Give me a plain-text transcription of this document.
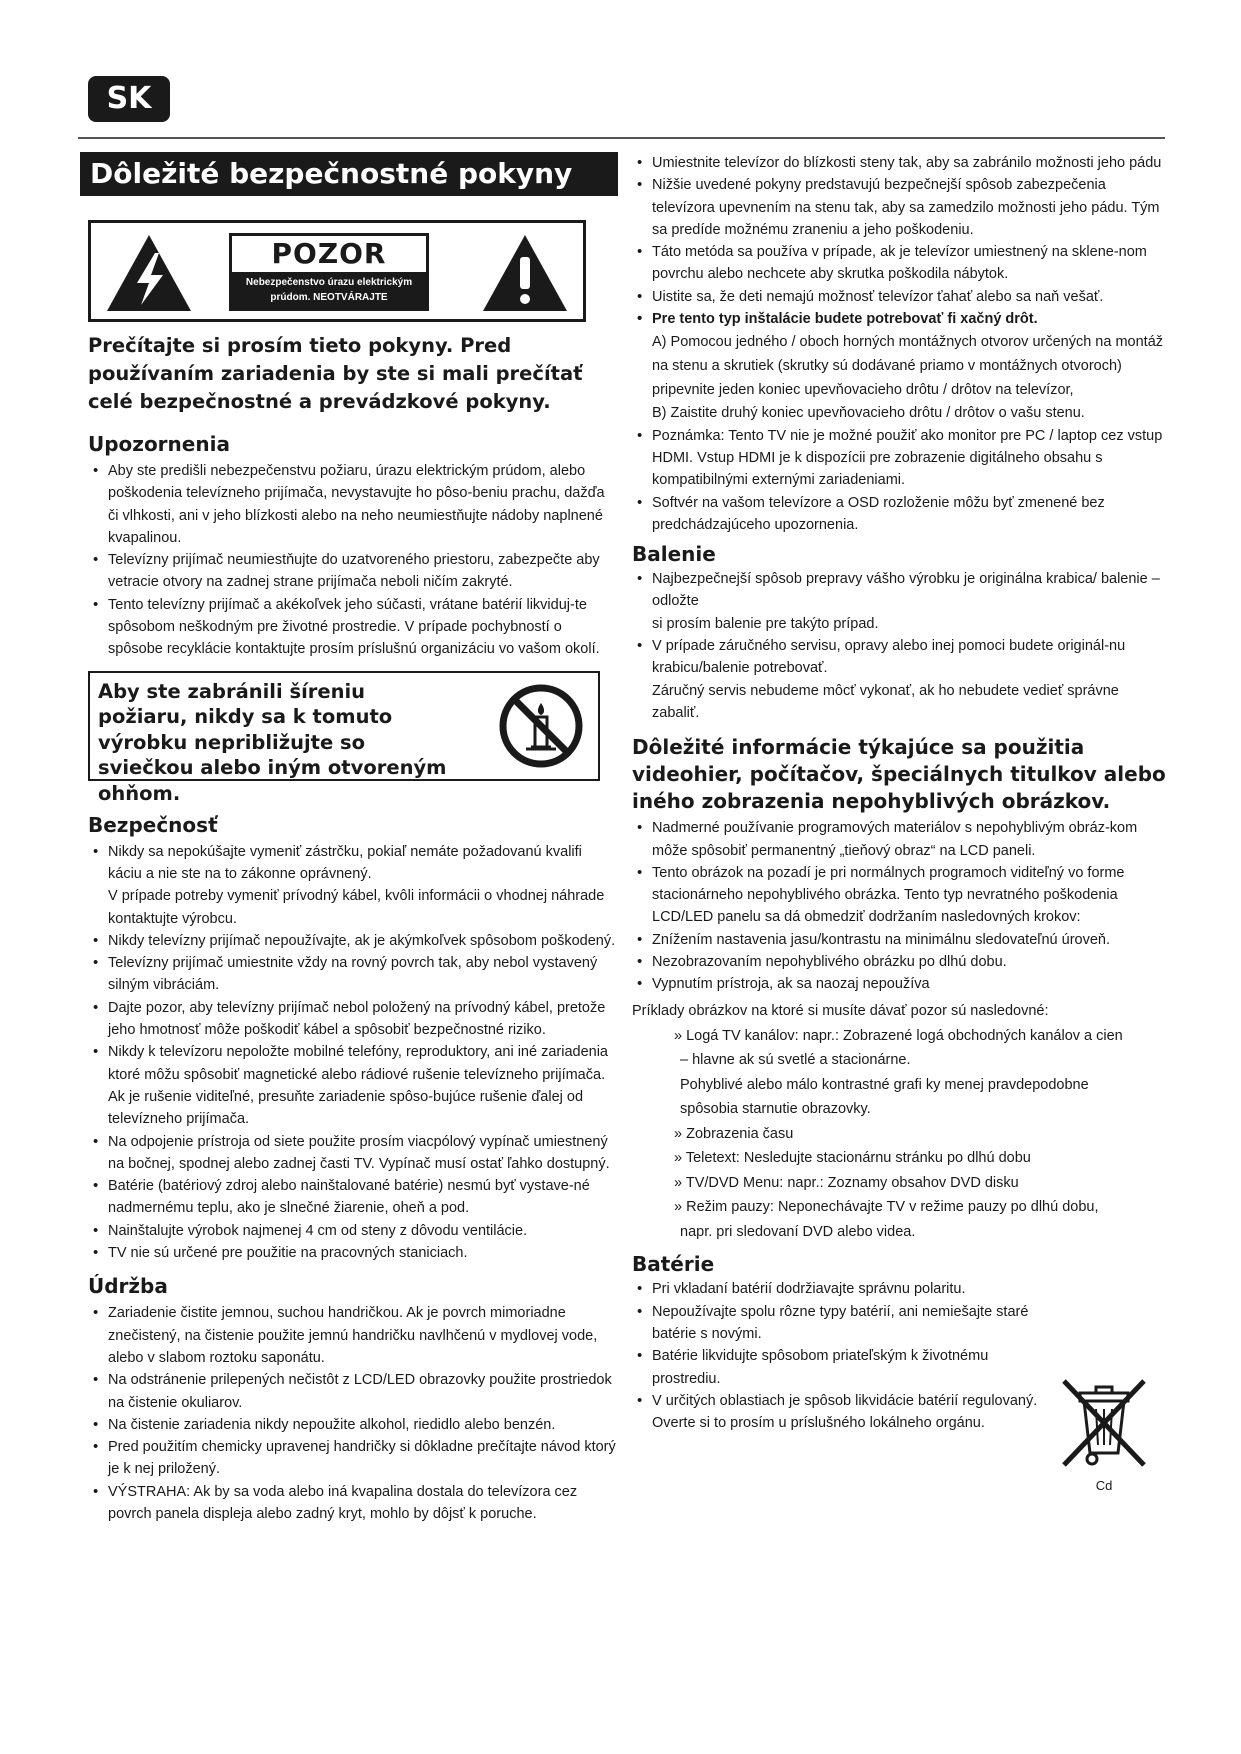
SK
Dôležité bezpečnostné pokyny
POZOR
Nebezpečenstvo úrazu elektrickým
prúdom. NEOTVÁRAJTE
Prečítajte si prosím tieto pokyny. Pred používaním zariadenia by ste si mali prečítať celé bezpečnostné a prevádzkové pokyny.
Upozornenia
• Aby ste predišli nebezpečenstvu požiaru, úrazu elektrickým prúdom, alebo poškodenia televízneho prijímača, nevystavujte ho pôso-beniu prachu, dažďa či vlhkosti, ani v jeho blízkosti alebo na neho neumiestňujte nádoby naplnené kvapalinou.
• Televízny prijímač neumiestňujte do uzatvoreného priestoru, zabezpečte aby vetracie otvory na zadnej strane prijímača neboli ničím zakryté.
• Tento televízny prijímač a akékoľvek jeho súčasti, vrátane batérií likviduj-te spôsobom neškodným pre životné prostredie. V prípade pochybností o spôsobe recyklácie kontaktujte prosím príslušnú organizáciu vo vašom okolí.
Aby ste zabránili šíreniu požiaru, nikdy sa k tomuto výrobku nepribližujte so sviečkou alebo iným otvoreným ohňom.
Bezpečnosť
• Nikdy sa nepokúšajte vymeniť zástrčku, pokiaľ nemáte požadovanú kvalifi káciu a nie ste na to zákonne oprávnený.
V prípade potreby vymeniť prívodný kábel, kvôli informácii o vhodnej náhrade kontaktujte výrobcu.
• Nikdy televízny prijímač nepoužívajte, ak je akýmkoľvek spôsobom poškodený.
• Televízny prijímač umiestnite vždy na rovný povrch tak, aby nebol vystavený silným vibráciám.
• Dajte pozor, aby televízny prijímač nebol položený na prívodný kábel, pretože jeho hmotnosť môže poškodiť kábel a spôsobiť bezpečnostné riziko.
• Nikdy k televízoru nepoložte mobilné telefóny, reproduktory, ani iné zariadenia ktoré môžu spôsobiť magnetické alebo rádiové rušenie televízneho prijímača. Ak je rušenie viditeľné, presuňte zariadenie spôso-bujúce rušenie ďalej od televízneho prijímača.
• Na odpojenie prístroja od siete použite prosím viacpólový vypínač umiestnený na bočnej, spodnej alebo zadnej časti TV. Vypínač musí ostať ľahko dostupný.
• Batérie (batériový zdroj alebo nainštalované batérie) nesmú byť vystave-né nadmernému teplu, ako je slnečné žiarenie, oheň a pod.
• Nainštalujte výrobok najmenej 4 cm od steny z dôvodu ventilácie.
• TV nie sú určené pre použitie na pracovných staniciach.
Údržba
• Zariadenie čistite jemnou, suchou handričkou. Ak je povrch mimoriadne znečistený, na čistenie použite jemnú handričku navlhčenú v mydlovej vode, alebo v slabom roztoku saponátu.
• Na odstránenie prilepených nečistôt z LCD/LED obrazovky použite prostriedok na čistenie okuliarov.
• Na čistenie zariadenia nikdy nepoužite alkohol, riedidlo alebo benzén.
• Pred použitím chemicky upravenej handričky si dôkladne prečítajte návod ktorý je k nej priložený.
• VÝSTRAHA: Ak by sa voda alebo iná kvapalina dostala do televízora cez povrch panela displeja alebo zadný kryt, mohlo by dôjsť k poruche.
• Umiestnite televízor do blízkosti steny tak, aby sa zabránilo možnosti jeho pádu
• Nižšie uvedené pokyny predstavujú bezpečnejší spôsob zabezpečenia televízora upevnením na stenu tak, aby sa zamedzilo možnosti jeho pádu. Tým sa predíde možnému zraneniu a jeho poškodeniu.
• Táto metóda sa používa v prípade, ak je televízor umiestnený na sklene-nom povrchu alebo nechcete aby skrutka poškodila nábytok.
• Uistite sa, že deti nemajú možnosť televízor ťahať alebo sa naň vešať.
• Pre tento typ inštalácie budete potrebovať fi xačný drôt.
A) Pomocou jedného / oboch horných montážnych otvorov určených na montáž na stenu a skrutiek (skrutky sú dodávané priamo v montážnych otvoroch) pripevnite jeden koniec upevňovacieho drôtu / drôtov na televízor,
B) Zaistite druhý koniec upevňovacieho drôtu / drôtov o vašu stenu.
• Poznámka: Tento TV nie je možné použiť ako monitor pre PC / laptop cez vstup HDMI. Vstup HDMI je k dispozícii pre zobrazenie digitálneho obsahu s kompatibilnými externými zariadeniami.
• Softvér na vašom televízore a OSD rozloženie môžu byť zmenené bez predchádzajúceho upozornenia.
Balenie
• Najbezpečnejší spôsob prepravy vášho výrobku je originálna krabica/ balenie – odložte
si prosím balenie pre takýto prípad.
• V prípade záručného servisu, opravy alebo inej pomoci budete originál-nu krabicu/balenie potrebovať.
Záručný servis nebudeme môcť vykonať, ak ho nebudete vedieť správne zabaliť.
Dôležité informácie týkajúce sa použitia videohier, počítačov, špeciálnych titulkov alebo iného zobrazenia nepohyblivých obrázkov.
• Nadmerné používanie programových materiálov s nepohyblivým obráz-kom môže spôsobiť permanentný „tieňový obraz“ na LCD paneli.
• Tento obrázok na pozadí je pri normálnych programoch viditeľný vo forme stacionárneho nepohyblivého obrázka. Tento typ nevratného poškodenia LCD/LED panelu sa dá obmedziť dodržaním nasledovných krokov:
• Znížením nastavenia jasu/kontrastu na minimálnu sledovateľnú úroveň.
• Nezobrazovaním nepohyblivého obrázku po dlhú dobu.
• Vypnutím prístroja, ak sa naozaj nepoužíva
Príklady obrázkov na ktoré si musíte dávať pozor sú nasledovné:
» Logá TV kanálov: napr.: Zobrazené logá obchodných kanálov a cien
– hlavne ak sú svetlé a stacionárne.
Pohyblivé alebo málo kontrastné grafi ky menej pravdepodobne
spôsobia starnutie obrazovky.
» Zobrazenia času
» Teletext: Nesledujte stacionárnu stránku po dlhú dobu
» TV/DVD Menu: napr.: Zoznamy obsahov DVD disku
» Režim pauzy: Neponechávajte TV v režime pauzy po dlhú dobu,
napr. pri sledovaní DVD alebo videa.
Batérie
• Pri vkladaní batérií dodržiavajte správnu polaritu.
• Nepoužívajte spolu rôzne typy batérií, ani nemiešajte staré batérie s novými.
• Batérie likvidujte spôsobom priateľským k životnému prostrediu.
• V určitých oblastiach je spôsob likvidácie batérií regulovaný. Overte si to prosím u príslušného lokálneho orgánu.
Cd
